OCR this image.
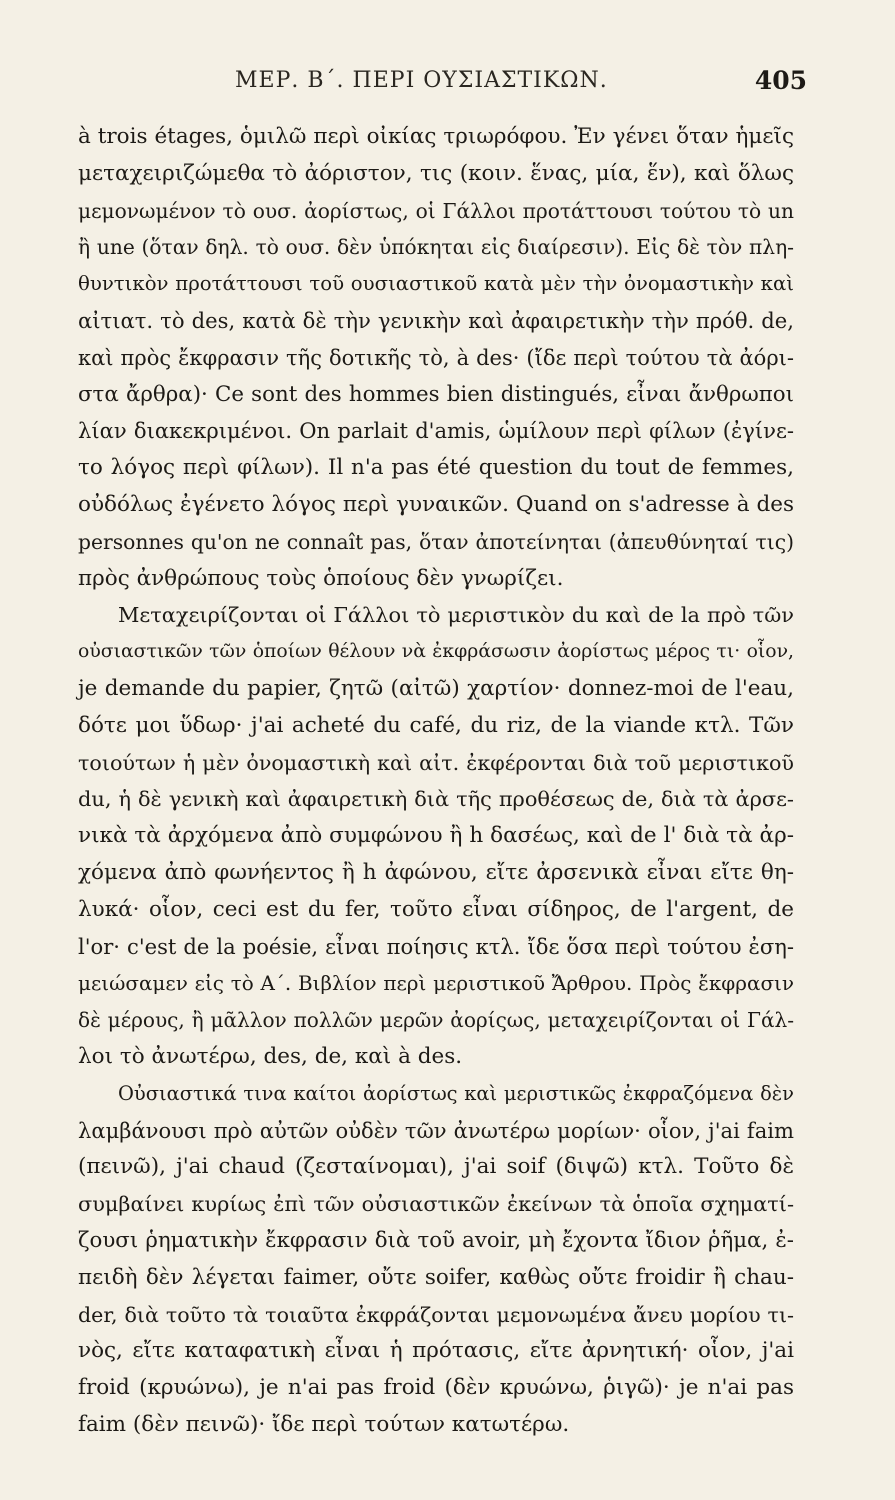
ΜΕΡ. Β΄. ΠΕΡΙ ΟΥΣΙΑΣΤΙΚΩΝ.	405
à trois étages, ὁμιλῶ περὶ οἰκίας τριωρόφου. Ἐν γένει ὅταν ἡμεῖς
μεταχειριζώμεθα τὸ ἀόριστον, τις (κοιν. ἕνας, μία, ἕν), καὶ ὅλως
μεμονωμένον τὸ ουσ. ἀορίστως, οἱ Γάλλοι προτάττουσι τούτου τὸ un
ἢ une (ὅταν δηλ. τὸ ουσ. δὲν ὑπόκηται εἰς διαίρεσιν). Εἰς δὲ τὸν πλη-
θυντικὸν προτάττουσι τοῦ ουσιαστικοῦ κατὰ μὲν τὴν ὀνομαστικὴν καὶ
αἰτιατ. τὸ des, κατὰ δὲ τὴν γενικὴν καὶ ἀφαιρετικὴν τὴν πρόθ. de,
καὶ πρὸς ἔκφρασιν τῆς δοτικῆς τὸ, à des· (ἴδε περὶ τούτου τὰ ἀόρι-
στα ἄρθρα)· Ce sont des hommes bien distingués, εἶναι ἄνθρωποι
λίαν διακεκριμένοι. On parlait d'amis, ὡμίλουν περὶ φίλων (ἐγίνε-
το λόγος περὶ φίλων). Il n'a pas été question du tout de femmes,
οὐδόλως ἐγένετο λόγος περὶ γυναικῶν. Quand on s'adresse à des
personnes qu'on ne connaît pas, ὅταν ἀποτείνηται (ἀπευθύνηταί τις)
πρὸς ἀνθρώπους τοὺς ὁποίους δὲν γνωρίζει.
Μεταχειρίζονται οἱ Γάλλοι τὸ μεριστικὸν du καὶ de la πρὸ τῶν
οὐσιαστικῶν τῶν ὁποίων θέλουν νὰ ἐκφράσωσιν ἀορίστως μέρος τι· οἷον,
je demande du papier, ζητῶ (αἰτῶ) χαρτίον· donnez-moi de l'eau,
δότε μοι ὕδωρ· j'ai acheté du café, du riz, de la viande κτλ. Τῶν
τοιούτων ἡ μὲν ὀνομαστικὴ καὶ αἰτ. ἐκφέρονται διὰ τοῦ μεριστικοῦ
du, ἡ δὲ γενικὴ καὶ ἀφαιρετικὴ διὰ τῆς προθέσεως de, διὰ τὰ ἀρσε-
νικὰ τὰ ἀρχόμενα ἀπὸ συμφώνου ἢ h δασέως, καὶ de l' διὰ τὰ ἀρ-
χόμενα ἀπὸ φωνήεντος ἢ h ἀφώνου, εἴτε ἀρσενικὰ εἶναι εἴτε θη-
λυκά· οἷον, ceci est du fer, τοῦτο εἶναι σίδηρος, de l'argent, de
l'or· c'est de la poésie, εἶναι ποίησις κτλ. ἴδε ὅσα περὶ τούτου ἐση-
μειώσαμεν εἰς τὸ Α΄. Βιβλίον περὶ μεριστικοῦ Ἄρθρου. Πρὸς ἔκφρασιν
δὲ μέρους, ἢ μᾶλλον πολλῶν μερῶν ἀορίςως, μεταχειρίζονται οἱ Γάλ-
λοι τὸ ἀνωτέρω, des, de, καὶ à des.
Οὐσιαστικά τινα καίτοι ἀορίστως καὶ μεριστικῶς ἐκφραζόμενα δὲν
λαμβάνουσι πρὸ αὐτῶν οὐδὲν τῶν ἀνωτέρω μορίων· οἷον, j'ai faim
(πεινῶ), j'ai chaud (ζεσταίνομαι), j'ai soif (διψῶ) κτλ. Τοῦτο δὲ
συμβαίνει κυρίως ἐπὶ τῶν οὐσιαστικῶν ἐκείνων τὰ ὁποῖα σχηματί-
ζουσι ῥηματικὴν ἔκφρασιν διὰ τοῦ avoir, μὴ ἔχοντα ἴδιον ῥῆμα, ἐ-
πειδὴ δὲν λέγεται faimer, οὔτε soifer, καθὼς οὔτε froidir ἢ chau-
der, διὰ τοῦτο τὰ τοιαῦτα ἐκφράζονται μεμονωμένα ἄνευ μορίου τι-
νὸς, εἴτε καταφατικὴ εἶναι ἡ πρότασις, εἴτε ἀρνητική· οἷον, j'ai
froid (κρυώνω), je n'ai pas froid (δὲν κρυώνω, ῥιγῶ)· je n'ai pas
faim (δὲν πεινῶ)· ἴδε περὶ τούτων κατωτέρω.
